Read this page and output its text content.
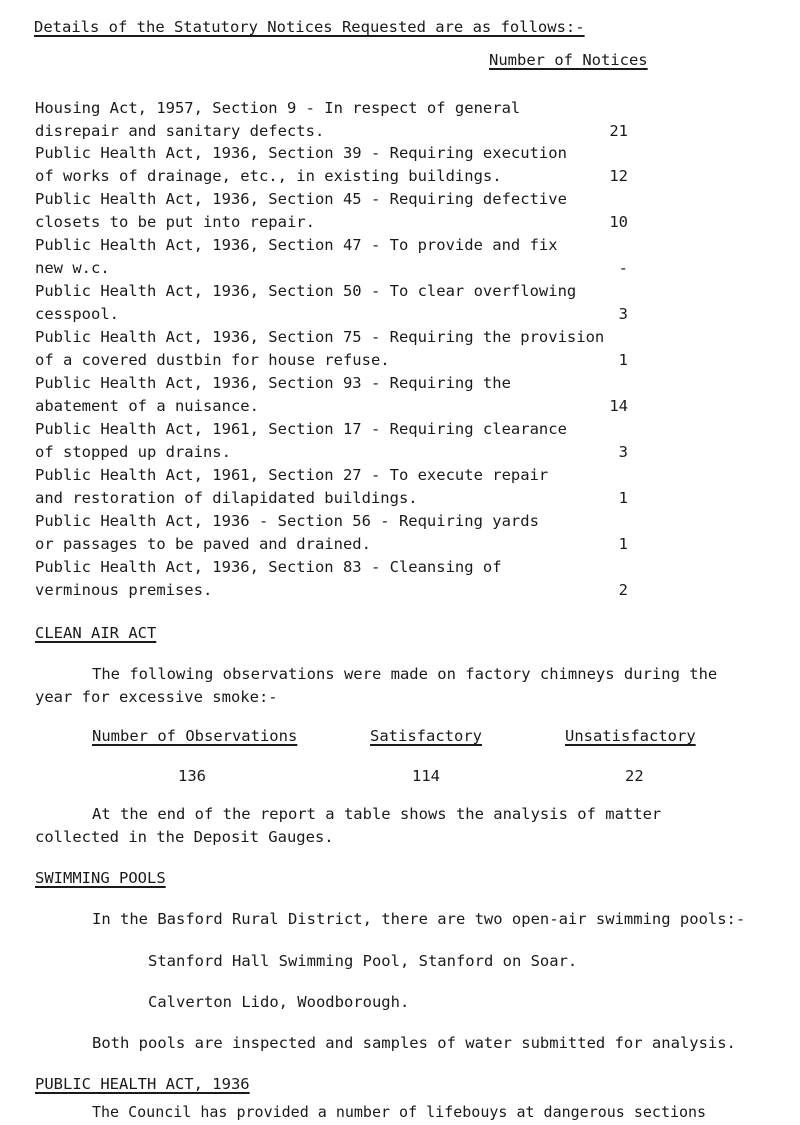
Details of the Statutory Notices Requested are as follows:-
Number of Notices
Housing Act, 1957, Section 9 - In respect of general
disrepair and sanitary defects.	21
Public Health Act, 1936, Section 39 - Requiring execution
of works of drainage, etc., in existing buildings.	12
Public Health Act, 1936, Section 45 - Requiring defective
closets to be put into repair.	10
Public Health Act, 1936, Section 47 - To provide and fix
new w.c.	-
Public Health Act, 1936, Section 50 - To clear overflowing
cesspool.	3
Public Health Act, 1936, Section 75 - Requiring the provision
of a covered dustbin for house refuse.	1
Public Health Act, 1936, Section 93 - Requiring the
abatement of a nuisance.	14
Public Health Act, 1961, Section 17 - Requiring clearance
of stopped up drains.	3
Public Health Act, 1961, Section 27 - To execute repair
and restoration of dilapidated buildings.	1
Public Health Act, 1936 - Section 56 - Requiring yards
or passages to be paved and drained.	1
Public Health Act, 1936, Section 83 - Cleansing of
verminous premises.	2
CLEAN AIR ACT
The following observations were made on factory chimneys during the
year for excessive smoke:-
Number of Observations	Satisfactory	Unsatisfactory
136	114	22
At the end of the report a table shows the analysis of matter
collected in the Deposit Gauges.
SWIMMING POOLS
In the Basford Rural District, there are two open-air swimming pools:-
Stanford Hall Swimming Pool, Stanford on Soar.
Calverton Lido, Woodborough.
Both pools are inspected and samples of water submitted for analysis.
PUBLIC HEALTH ACT, 1936
The Council has provided a number of lifebouys at dangerous sections
